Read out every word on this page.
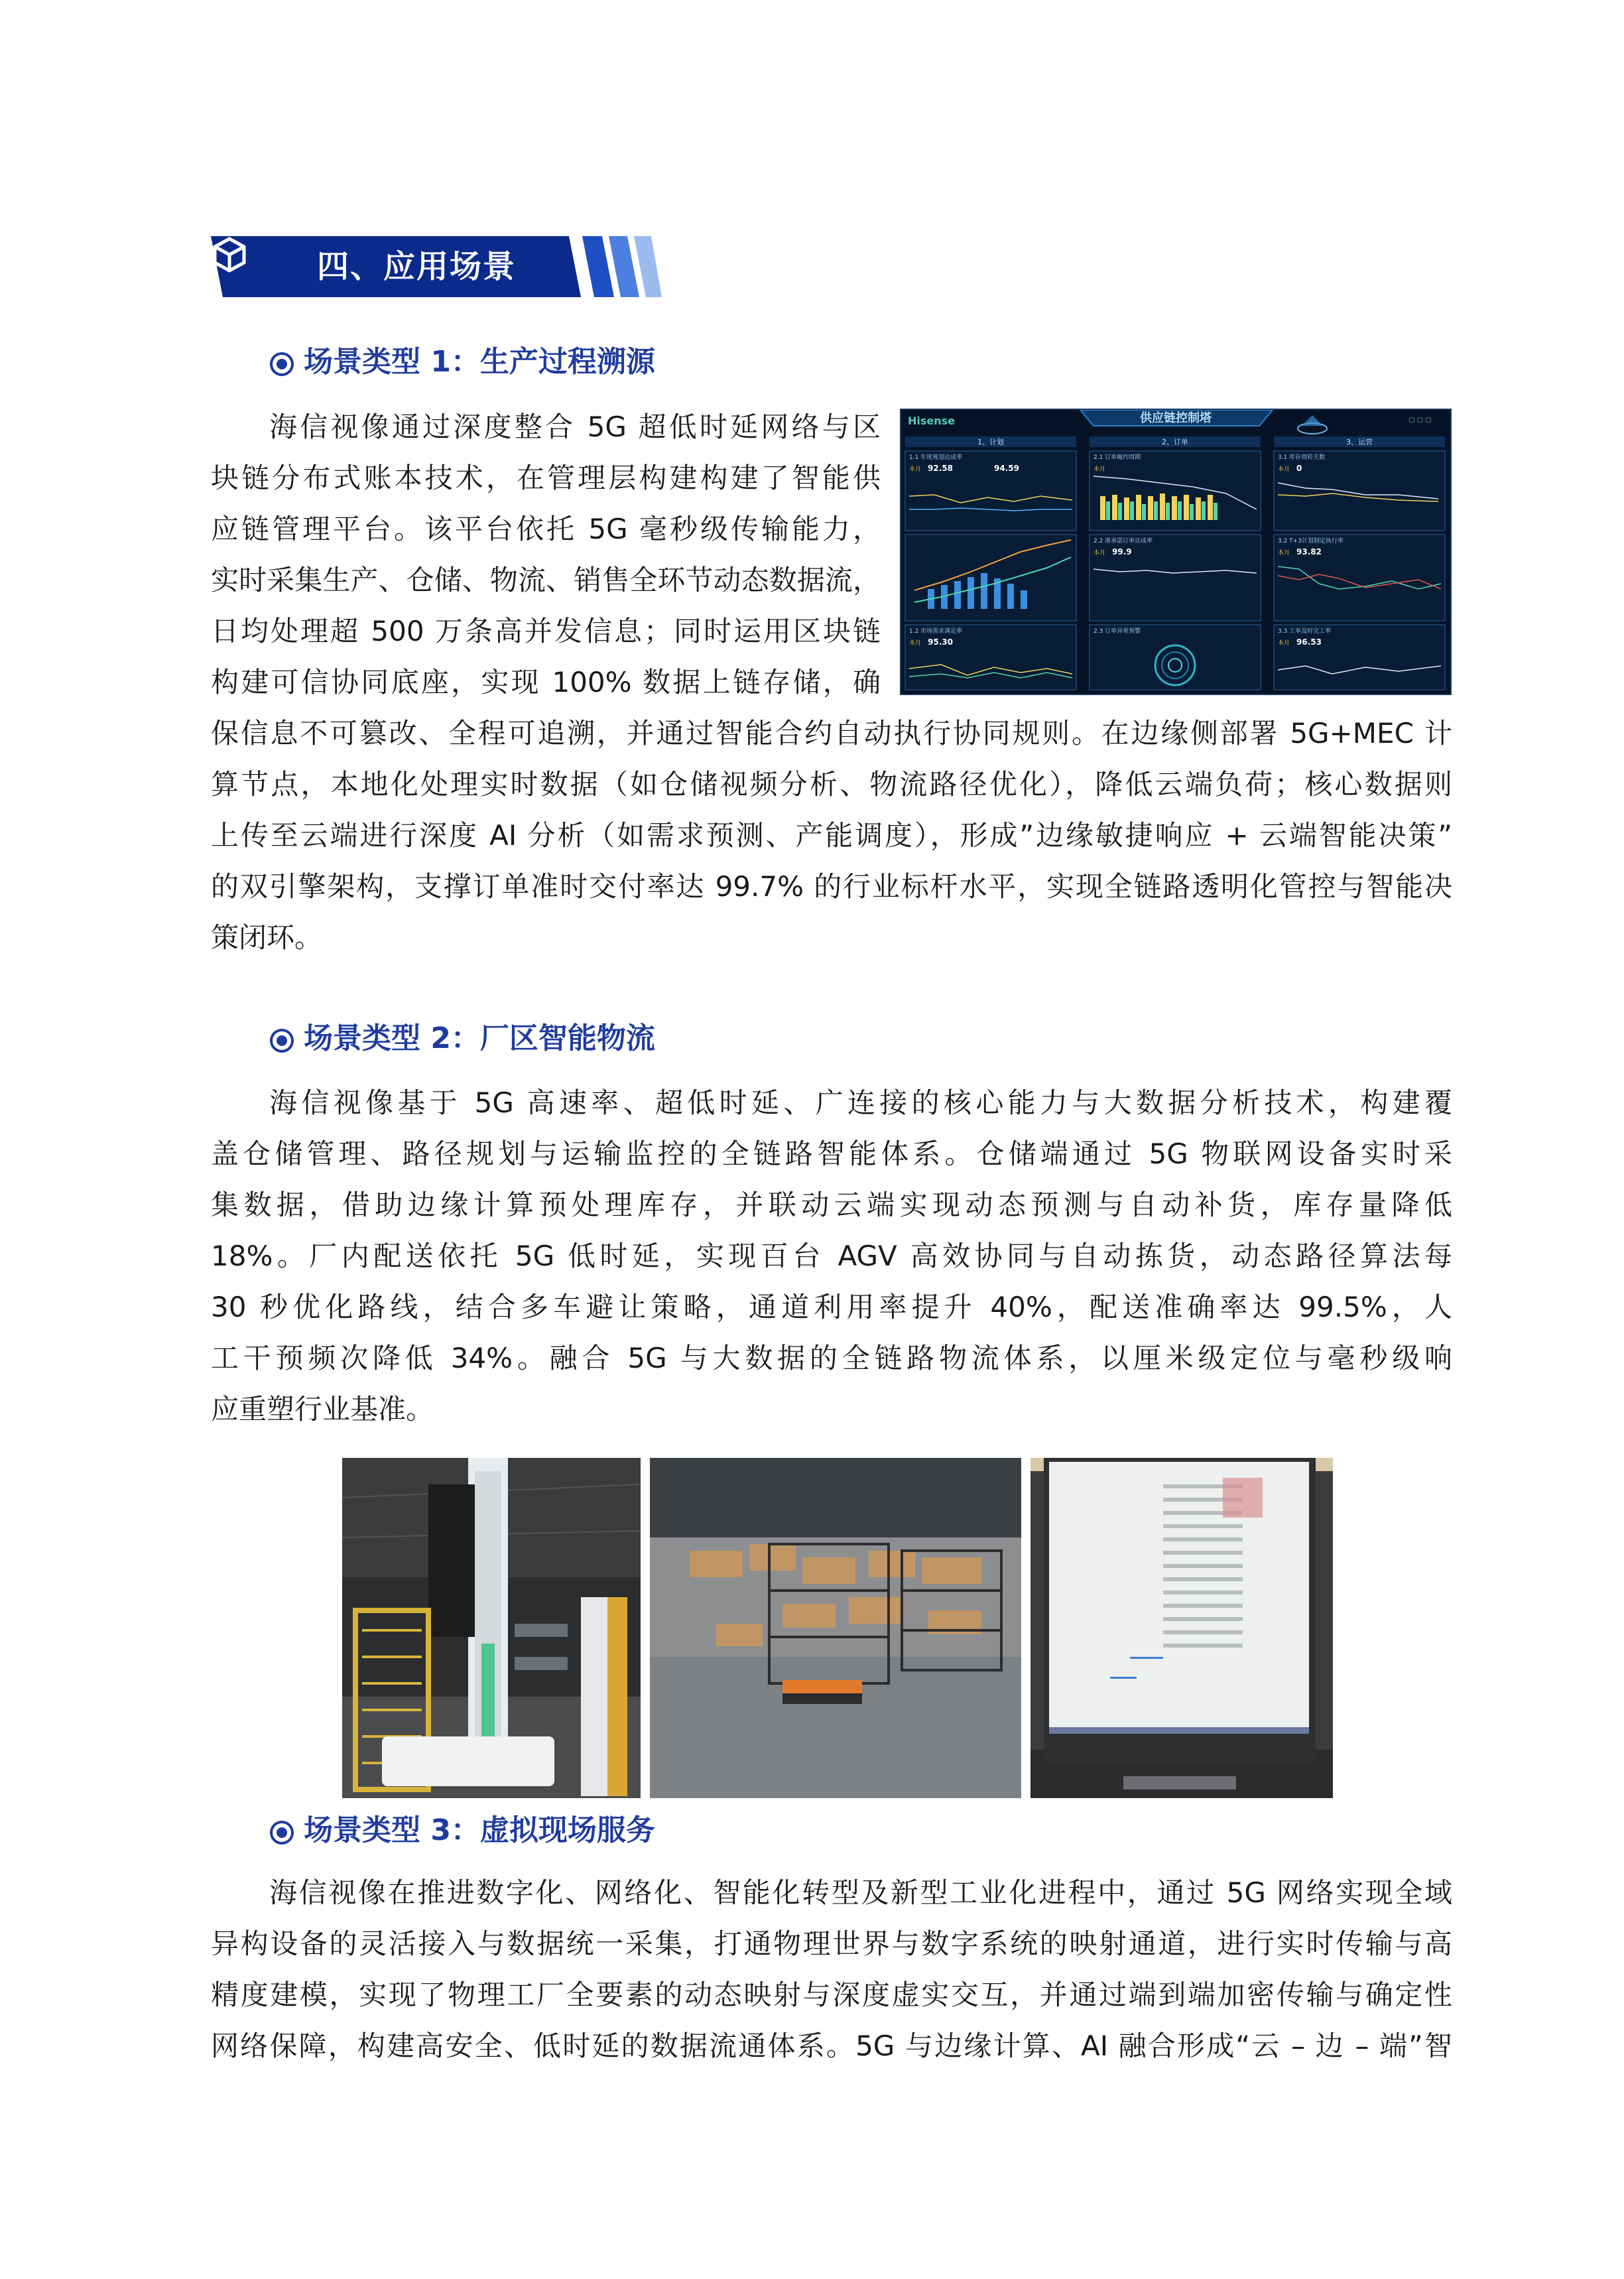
四、应用场景
场景类型 1：生产过程溯源
海信视像通过深度整合 5G 超低时延网络与区
块链分布式账本技术，在管理层构建构建了智能供
应链管理平台。该平台依托 5G 毫秒级传输能力，
实时采集生产、仓储、物流、销售全环节动态数据流，
日均处理超 500 万条高并发信息；同时运用区块链
构建可信协同底座，实现 100% 数据上链存储，确
保信息不可篡改、全程可追溯，并通过智能合约自动执行协同规则。在边缘侧部署 5G+MEC 计
算节点，本地化处理实时数据（如仓储视频分析、物流路径优化），降低云端负荷；核心数据则
上传至云端进行深度 AI 分析（如需求预测、产能调度），形成”边缘敏捷响应 + 云端智能决策”
的双引擎架构，支撑订单准时交付率达 99.7% 的行业标杆水平，实现全链路透明化管控与智能决
策闭环。
供应链控制塔
Hisense	▢ ▢ ▢
1、计划	2、订单	3、运营
1.1 年度规划达成率	2.1 订单履约周期	3.1 库存周转天数
2.2 准承诺订单达成率	3.2 T+3计划制定执行率
1.2 市场需求满足率	2.3 订单异常预警	3.3 工单及时完工率
本月	本月	本月
本月	本月
本月	本月
92.58	94.59	0
99.9	93.82
95.30	96.53
场景类型 2：厂区智能物流
海信视像基于 5G 高速率、超低时延、广连接的核心能力与大数据分析技术，构建覆
盖仓储管理、路径规划与运输监控的全链路智能体系。仓储端通过 5G 物联网设备实时采
集数据，借助边缘计算预处理库存，并联动云端实现动态预测与自动补货，库存量降低
18%。厂内配送依托 5G 低时延，实现百台 AGV 高效协同与自动拣货，动态路径算法每
30 秒优化路线，结合多车避让策略，通道利用率提升 40%，配送准确率达 99.5%，人
工干预频次降低 34%。融合 5G 与大数据的全链路物流体系，以厘米级定位与毫秒级响
应重塑行业基准。
场景类型 3：虚拟现场服务
海信视像在推进数字化、网络化、智能化转型及新型工业化进程中，通过 5G 网络实现全域
异构设备的灵活接入与数据统一采集，打通物理世界与数字系统的映射通道，进行实时传输与高
精度建模，实现了物理工厂全要素的动态映射与深度虚实交互，并通过端到端加密传输与确定性
网络保障，构建高安全、低时延的数据流通体系。5G 与边缘计算、AI 融合形成“云 – 边 – 端”智
